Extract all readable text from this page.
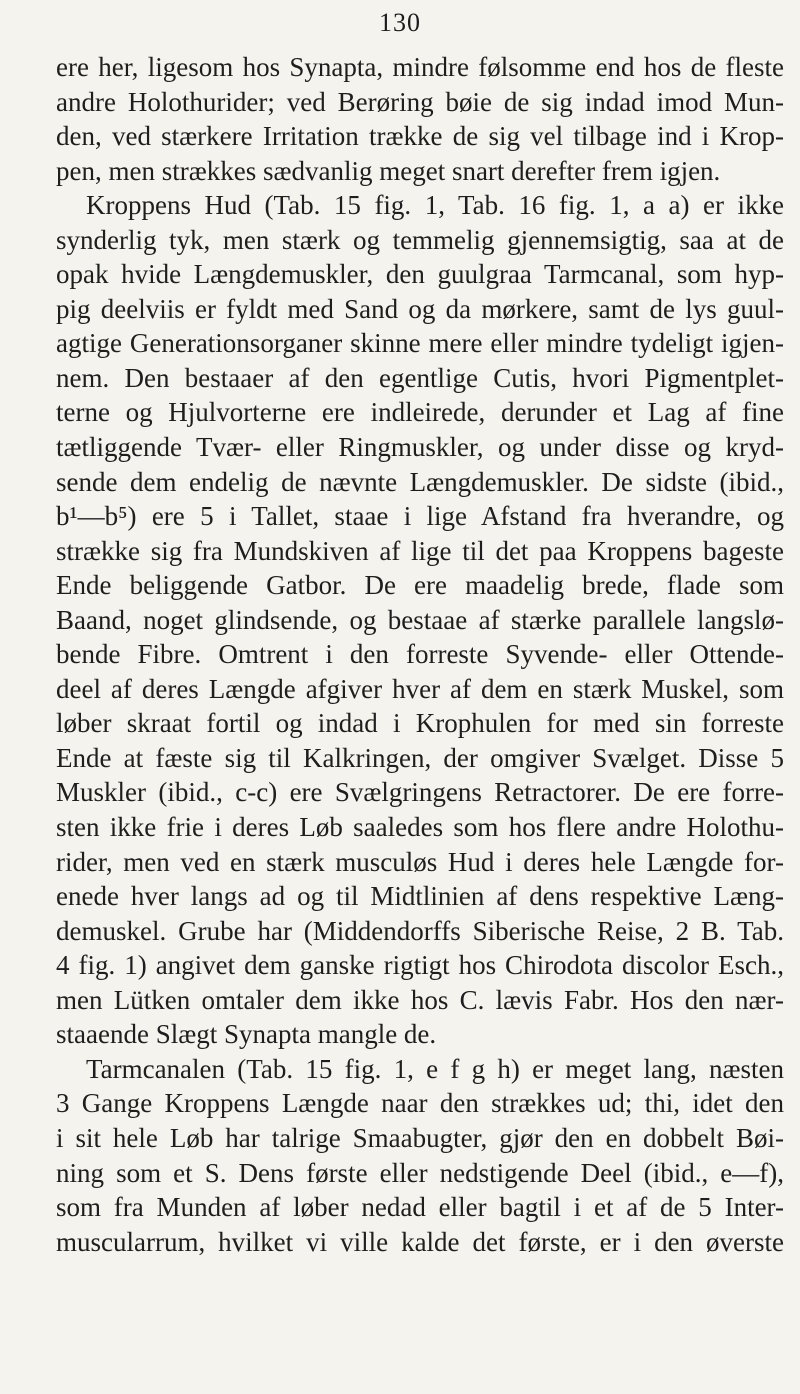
130
ere her, ligesom hos Synapta, mindre følsomme end hos de fleste
andre Holothurider; ved Berøring bøie de sig indad imod Mun-
den, ved stærkere Irritation trække de sig vel tilbage ind i Krop-
pen, men strækkes sædvanlig meget snart derefter frem igjen.
Kroppens Hud (Tab. 15 fig. 1, Tab. 16 fig. 1, a a) er ikke
synderlig tyk, men stærk og temmelig gjennemsigtig, saa at de
opak hvide Længdemuskler, den guulgraa Tarmcanal, som hyp-
pig deelviis er fyldt med Sand og da mørkere, samt de lys guul-
agtige Generationsorganer skinne mere eller mindre tydeligt igjen-
nem. Den bestaaer af den egentlige Cutis, hvori Pigmentplet-
terne og Hjulvorterne ere indleirede, derunder et Lag af fine
tætliggende Tvær- eller Ringmuskler, og under disse og kryd-
sende dem endelig de nævnte Længdemuskler. De sidste (ibid.,
b¹—b⁵) ere 5 i Tallet, staae i lige Afstand fra hverandre, og
strække sig fra Mundskiven af lige til det paa Kroppens bageste
Ende beliggende Gatbor. De ere maadelig brede, flade som
Baand, noget glindsende, og bestaae af stærke parallele langslø-
bende Fibre. Omtrent i den forreste Syvende- eller Ottende-
deel af deres Længde afgiver hver af dem en stærk Muskel, som
løber skraat fortil og indad i Krophulen for med sin forreste
Ende at fæste sig til Kalkringen, der omgiver Svælget. Disse 5
Muskler (ibid., c-c) ere Svælgringens Retractorer. De ere forre-
sten ikke frie i deres Løb saaledes som hos flere andre Holothu-
rider, men ved en stærk musculøs Hud i deres hele Længde for-
enede hver langs ad og til Midtlinien af dens respektive Læng-
demuskel. Grube har (Middendorffs Siberische Reise, 2 B. Tab.
4 fig. 1) angivet dem ganske rigtigt hos Chirodota discolor Esch.,
men Lütken omtaler dem ikke hos C. lævis Fabr. Hos den nær-
staaende Slægt Synapta mangle de.
Tarmcanalen (Tab. 15 fig. 1, e f g h) er meget lang, næsten
3 Gange Kroppens Længde naar den strækkes ud; thi, idet den
i sit hele Løb har talrige Smaabugter, gjør den en dobbelt Bøi-
ning som et S. Dens første eller nedstigende Deel (ibid., e—f),
som fra Munden af løber nedad eller bagtil i et af de 5 Inter-
muscularrum, hvilket vi ville kalde det første, er i den øverste
